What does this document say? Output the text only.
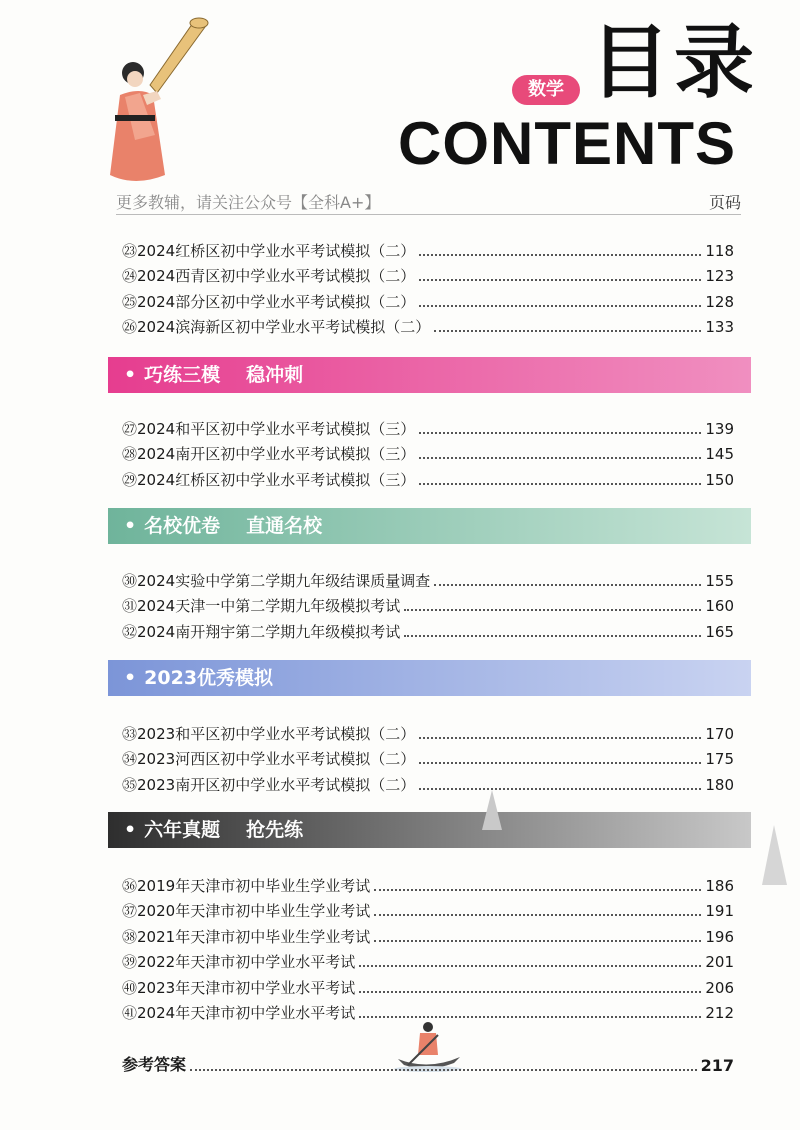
数学 目录
CONTENTS
更多教辅，请关注公众号【全科A+】	页码
㉓ 2024红桥区初中学业水平考试模拟（二）	118
㉔ 2024西青区初中学业水平考试模拟（二）	123
㉕ 2024部分区初中学业水平考试模拟（二）	128
㉖ 2024滨海新区初中学业水平考试模拟（二）	133
• 巧练三模 稳冲刺
㉗ 2024和平区初中学业水平考试模拟（三）	139
㉘ 2024南开区初中学业水平考试模拟（三）	145
㉙ 2024红桥区初中学业水平考试模拟（三）	150
• 名校优卷 直通名校
㉚ 2024实验中学第二学期九年级结课质量调查	155
㉛ 2024天津一中第二学期九年级模拟考试	160
㉜ 2024南开翔宇第二学期九年级模拟考试	165
• 2023优秀模拟
㉝ 2023和平区初中学业水平考试模拟（二）	170
㉞ 2023河西区初中学业水平考试模拟（二）	175
㉟ 2023南开区初中学业水平考试模拟（二）	180
• 六年真题 抢先练
㊱ 2019年天津市初中毕业生学业考试	186
㊲ 2020年天津市初中毕业生学业考试	191
㊳ 2021年天津市初中毕业生学业考试	196
㊴ 2022年天津市初中学业水平考试	201
㊵ 2023年天津市初中学业水平考试	206
㊶ 2024年天津市初中学业水平考试	212
参考答案	217
